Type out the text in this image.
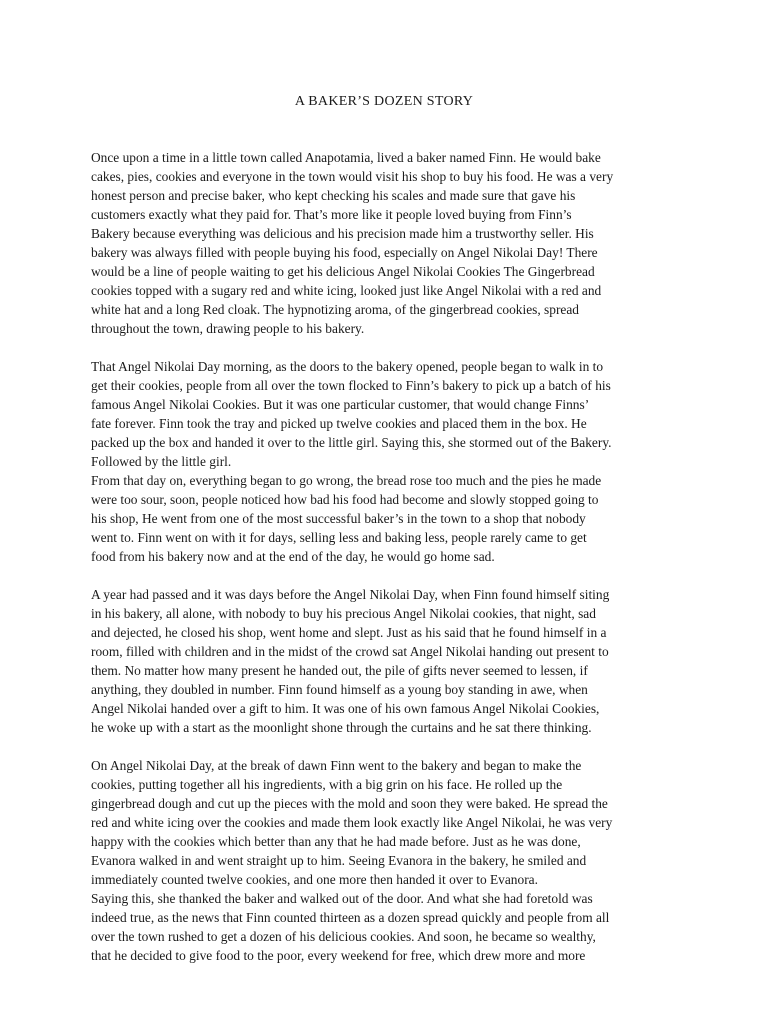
A BAKER’S DOZEN STORY
Once upon a time in a little town called Anapotamia, lived a baker named Finn. He would bake
cakes, pies, cookies and everyone in the town would visit his shop to buy his food. He was a very
honest person and precise baker, who kept checking his scales and made sure that gave his
customers exactly what they paid for. That’s more like it people loved buying from Finn’s
Bakery because everything was delicious and his precision made him a trustworthy seller. His
bakery was always filled with people buying his food, especially on Angel Nikolai Day! There
would be a line of people waiting to get his delicious Angel Nikolai Cookies The Gingerbread
cookies topped with a sugary red and white icing, looked just like Angel Nikolai with a red and
white hat and a long Red cloak. The hypnotizing aroma, of the gingerbread cookies, spread
throughout the town, drawing people to his bakery.
That Angel Nikolai Day morning, as the doors to the bakery opened, people began to walk in to
get their cookies, people from all over the town flocked to Finn’s bakery to pick up a batch of his
famous Angel Nikolai Cookies. But it was one particular customer, that would change Finns’
fate forever. Finn took the tray and picked up twelve cookies and placed them in the box. He
packed up the box and handed it over to the little girl. Saying this, she stormed out of the Bakery.
Followed by the little girl.
From that day on, everything began to go wrong, the bread rose too much and the pies he made
were too sour, soon, people noticed how bad his food had become and slowly stopped going to
his shop, He went from one of the most successful baker’s in the town to a shop that nobody
went to. Finn went on with it for days, selling less and baking less, people rarely came to get
food from his bakery now and at the end of the day, he would go home sad.
A year had passed and it was days before the Angel Nikolai Day, when Finn found himself siting
in his bakery, all alone, with nobody to buy his precious Angel Nikolai cookies, that night, sad
and dejected, he closed his shop, went home and slept. Just as his said that he found himself in a
room, filled with children and in the midst of the crowd sat Angel Nikolai handing out present to
them. No matter how many present he handed out, the pile of gifts never seemed to lessen, if
anything, they doubled in number. Finn found himself as a young boy standing in awe, when
Angel Nikolai handed over a gift to him. It was one of his own famous Angel Nikolai Cookies,
he woke up with a start as the moonlight shone through the curtains and he sat there thinking.
On Angel Nikolai Day, at the break of dawn Finn went to the bakery and began to make the
cookies, putting together all his ingredients, with a big grin on his face. He rolled up the
gingerbread dough and cut up the pieces with the mold and soon they were baked. He spread the
red and white icing over the cookies and made them look exactly like Angel Nikolai, he was very
happy with the cookies which better than any that he had made before. Just as he was done,
Evanora walked in and went straight up to him. Seeing Evanora in the bakery, he smiled and
immediately counted twelve cookies, and one more then handed it over to Evanora.
Saying this, she thanked the baker and walked out of the door. And what she had foretold was
indeed true, as the news that Finn counted thirteen as a dozen spread quickly and people from all
over the town rushed to get a dozen of his delicious cookies. And soon, he became so wealthy,
that he decided to give food to the poor, every weekend for free, which drew more and more
